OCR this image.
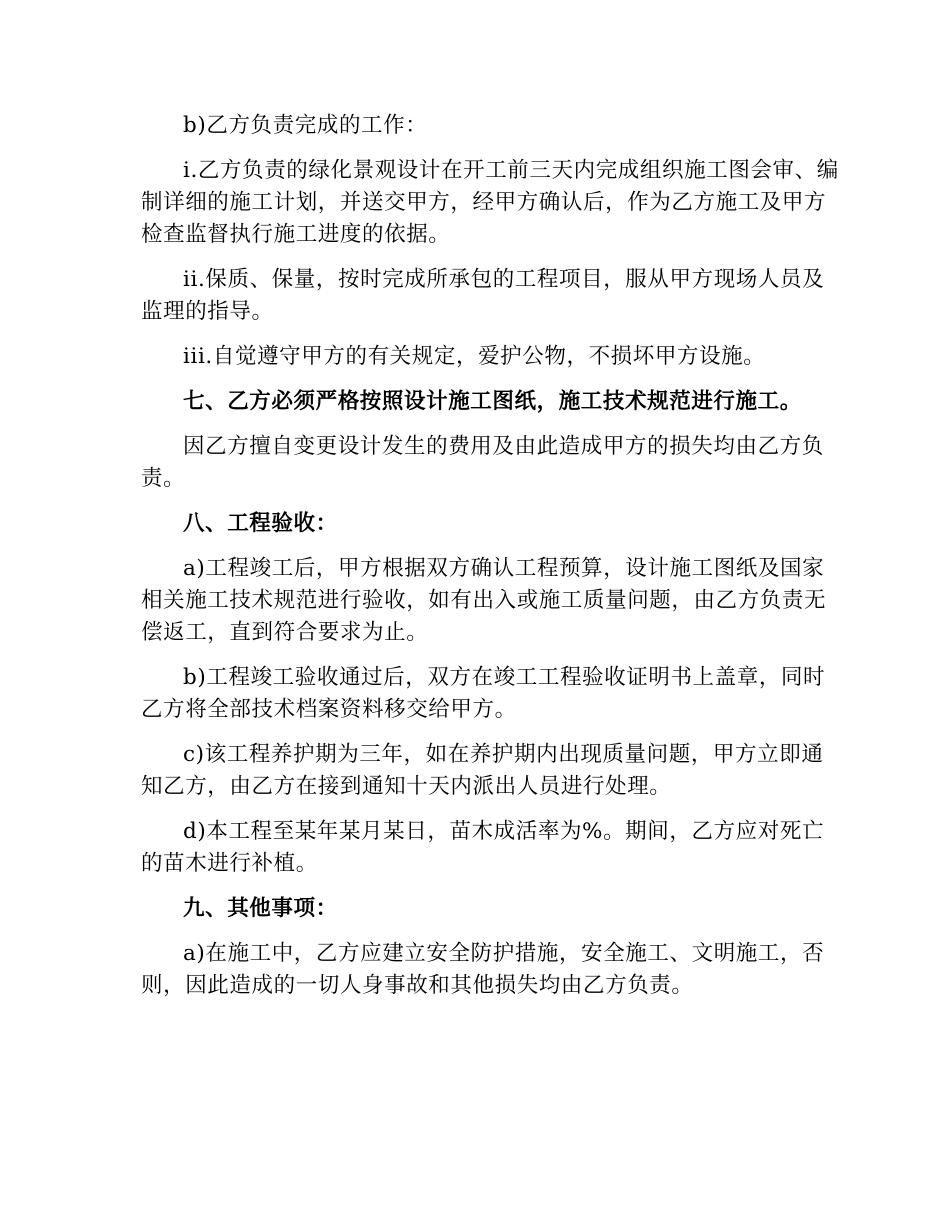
b)乙方负责完成的工作：

i.乙方负责的绿化景观设计在开工前三天内完成组织施工图会审、编制详细的施工计划，并送交甲方，经甲方确认后，作为乙方施工及甲方检查监督执行施工进度的依据。

ii.保质、保量，按时完成所承包的工程项目，服从甲方现场人员及监理的指导。

iii.自觉遵守甲方的有关规定，爱护公物，不损坏甲方设施。

七、乙方必须严格按照设计施工图纸，施工技术规范进行施工。

因乙方擅自变更设计发生的费用及由此造成甲方的损失均由乙方负责。

八、工程验收：

a)工程竣工后，甲方根据双方确认工程预算，设计施工图纸及国家相关施工技术规范进行验收，如有出入或施工质量问题，由乙方负责无偿返工，直到符合要求为止。

b)工程竣工验收通过后，双方在竣工工程验收证明书上盖章，同时乙方将全部技术档案资料移交给甲方。

c)该工程养护期为三年，如在养护期内出现质量问题，甲方立即通知乙方，由乙方在接到通知十天内派出人员进行处理。

d)本工程至某年某月某日，苗木成活率为%。期间，乙方应对死亡的苗木进行补植。

九、其他事项：

a)在施工中，乙方应建立安全防护措施，安全施工、文明施工，否则，因此造成的一切人身事故和其他损失均由乙方负责。
